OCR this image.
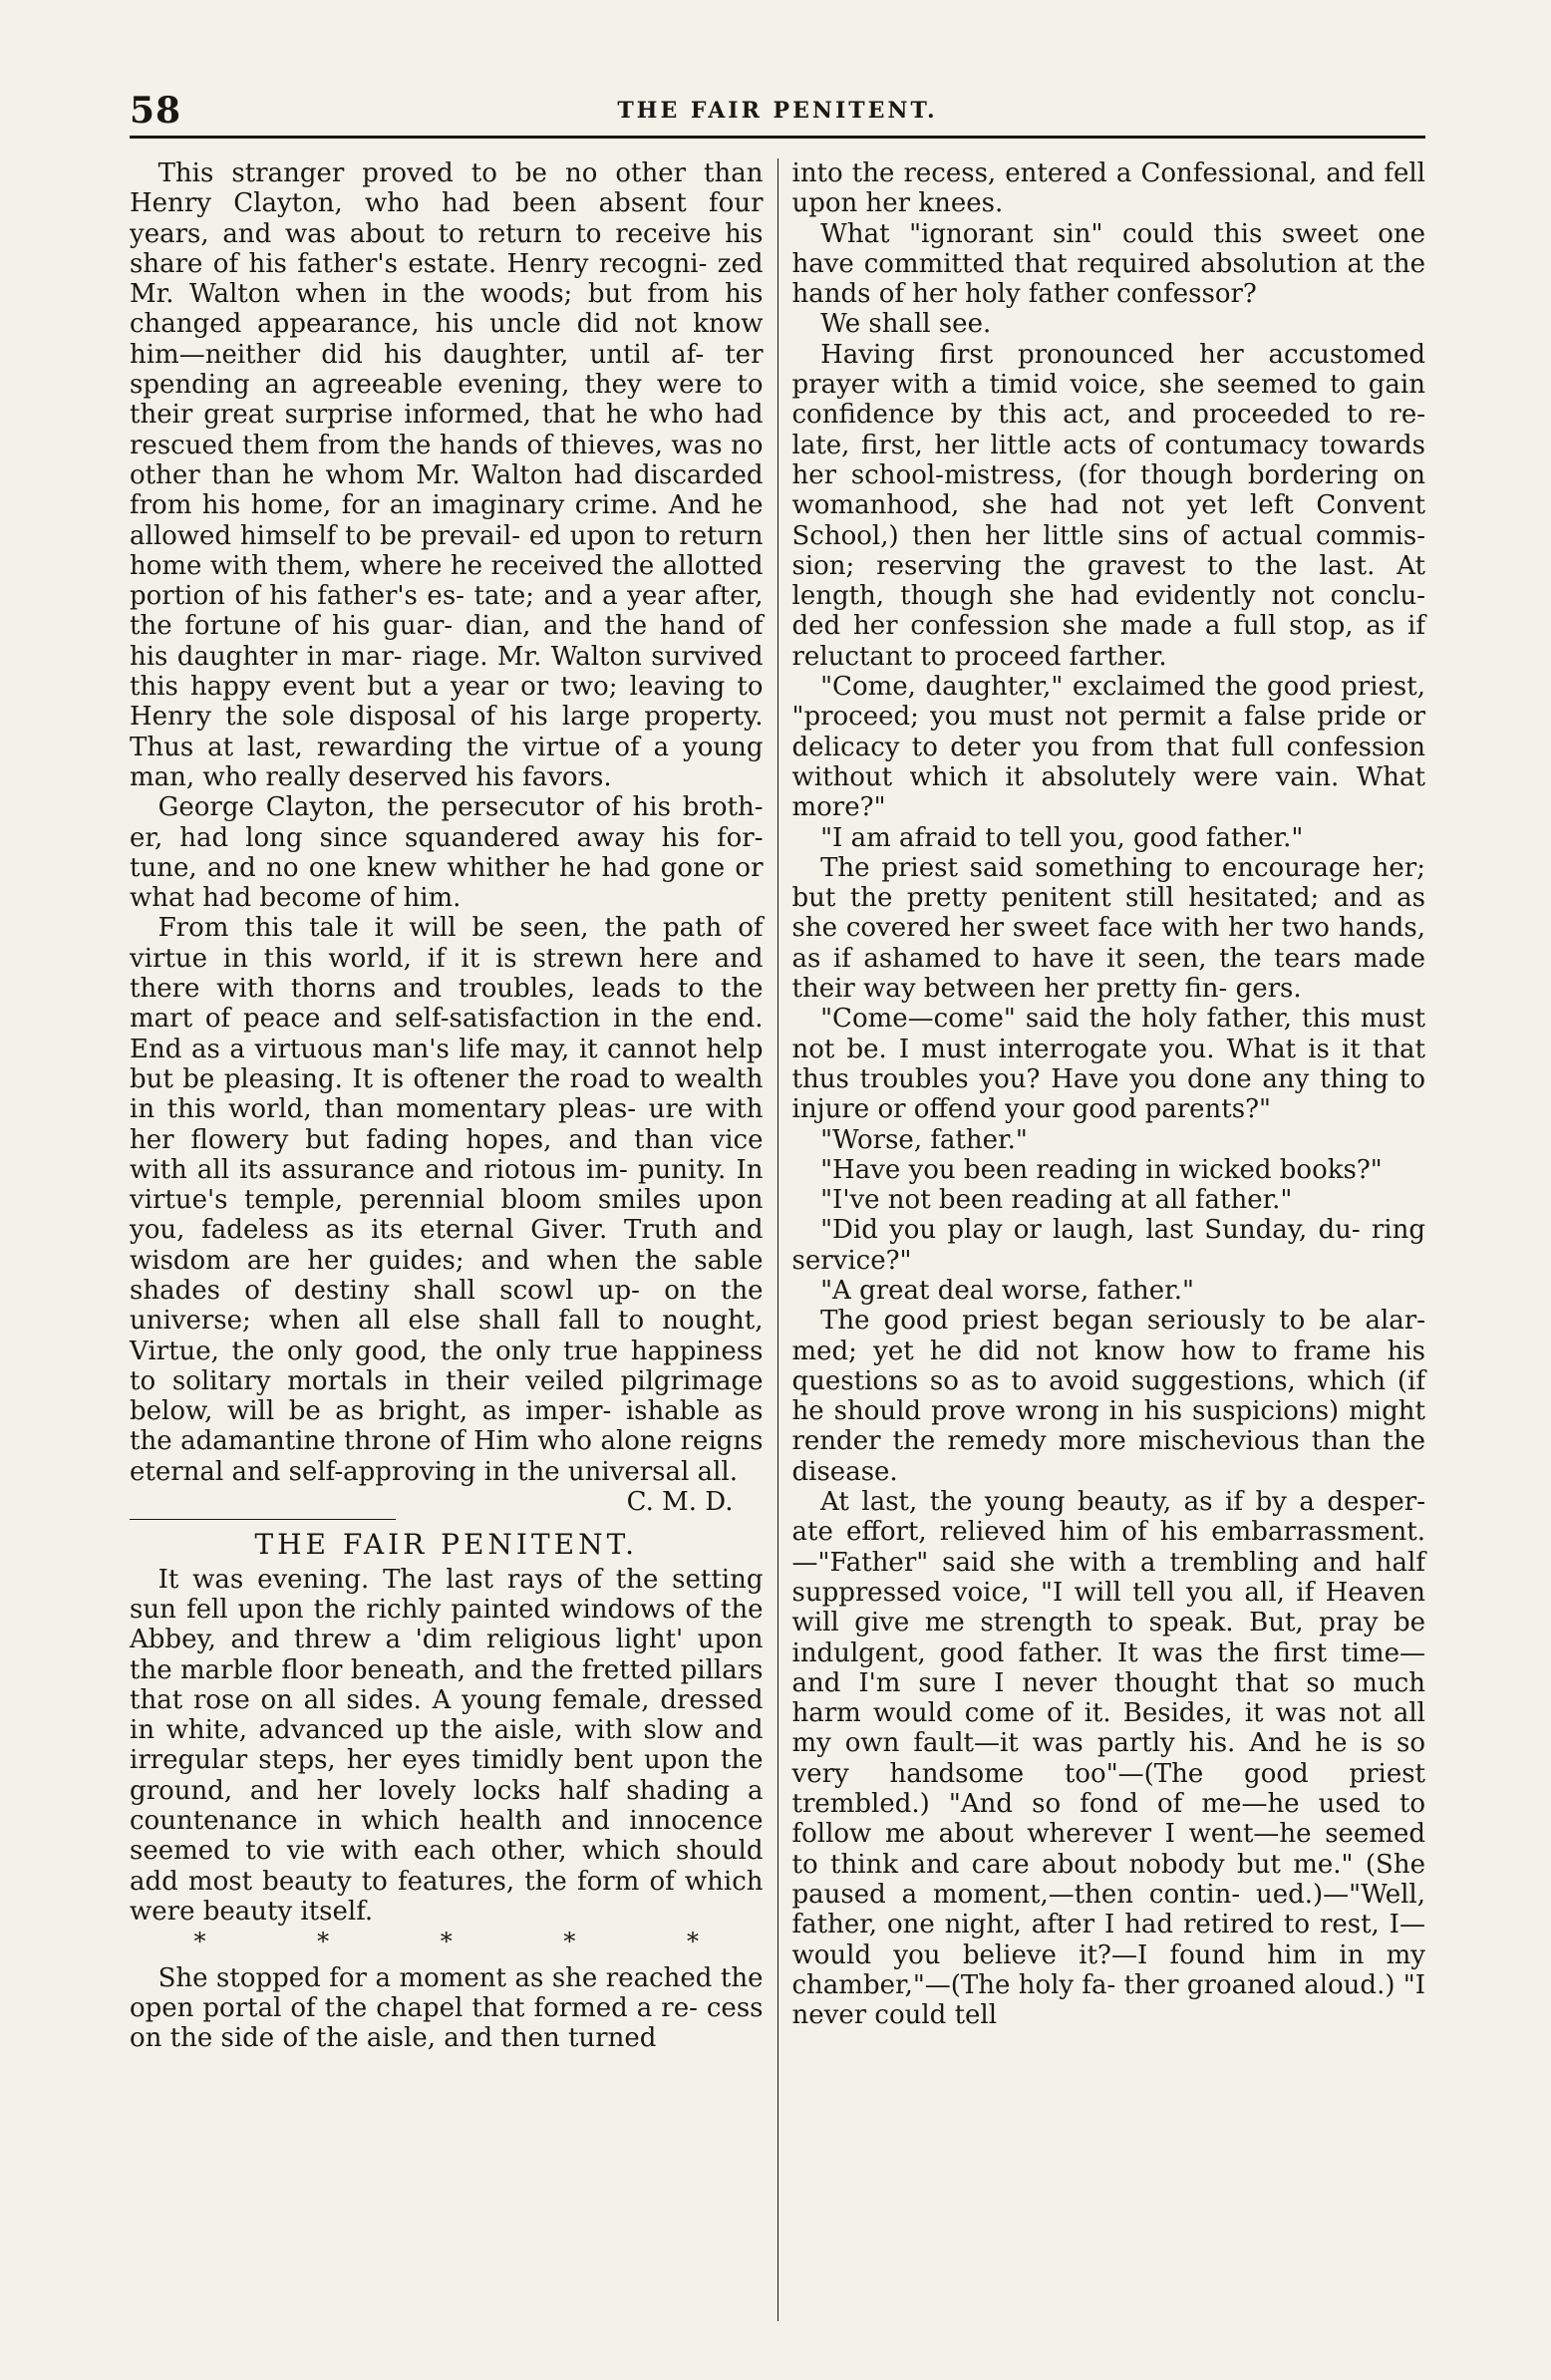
58	THE FAIR PENITENT.

This stranger proved to be no other than Henry Clayton, who had been absent four years, and was about to return to receive his share of his father's estate. Henry recogni- zed Mr. Walton when in the woods; but from his changed appearance, his uncle did not know him—neither did his daughter, until af- ter spending an agreeable evening, they were to their great surprise informed, that he who had rescued them from the hands of thieves, was no other than he whom Mr. Walton had discarded from his home, for an imaginary crime. And he allowed himself to be prevail- ed upon to return home with them, where he received the allotted portion of his father's es- tate; and a year after, the fortune of his guar- dian, and the hand of his daughter in mar- riage. Mr. Walton survived this happy event but a year or two; leaving to Henry the sole disposal of his large property. Thus at last, rewarding the virtue of a young man, who really deserved his favors.

George Clayton, the persecutor of his broth- er, had long since squandered away his for- tune, and no one knew whither he had gone or what had become of him.

From this tale it will be seen, the path of virtue in this world, if it is strewn here and there with thorns and troubles, leads to the mart of peace and self-satisfaction in the end. End as a virtuous man's life may, it cannot help but be pleasing. It is oftener the road to wealth in this world, than momentary pleas- ure with her flowery but fading hopes, and than vice with all its assurance and riotous im- punity. In virtue's temple, perennial bloom smiles upon you, fadeless as its eternal Giver. Truth and wisdom are her guides; and when the sable shades of destiny shall scowl up- on the universe; when all else shall fall to nought, Virtue, the only good, the only true happiness to solitary mortals in their veiled pilgrimage below, will be as bright, as imper- ishable as the adamantine throne of Him who alone reigns eternal and self-approving in the universal all.

C. M. D.
THE FAIR PENITENT.

It was evening. The last rays of the setting sun fell upon the richly painted windows of the Abbey, and threw a 'dim religious light' upon the marble floor beneath, and the fretted pillars that rose on all sides. A young female, dressed in white, advanced up the aisle, with slow and irregular steps, her eyes timidly bent upon the ground, and her lovely locks half shading a countenance in which health and innocence seemed to vie with each other, which should add most beauty to features, the form of which were beauty itself.

* * * * *

She stopped for a moment as she reached the open portal of the chapel that formed a re- cess on the side of the aisle, and then turned

into the recess, entered a Confessional, and fell upon her knees.

What "ignorant sin" could this sweet one have committed that required absolution at the hands of her holy father confessor?

We shall see.

Having first pronounced her accustomed prayer with a timid voice, she seemed to gain confidence by this act, and proceeded to re- late, first, her little acts of contumacy towards her school-mistress, (for though bordering on womanhood, she had not yet left Convent School,) then her little sins of actual commis- sion; reserving the gravest to the last. At length, though she had evidently not conclu- ded her confession she made a full stop, as if reluctant to proceed farther.

"Come, daughter," exclaimed the good priest, "proceed; you must not permit a false pride or delicacy to deter you from that full confession without which it absolutely were vain. What more?"

"I am afraid to tell you, good father."

The priest said something to encourage her; but the pretty penitent still hesitated; and as she covered her sweet face with her two hands, as if ashamed to have it seen, the tears made their way between her pretty fin- gers.

"Come—come" said the holy father, this must not be. I must interrogate you. What is it that thus troubles you? Have you done any thing to injure or offend your good parents?"

"Worse, father."

"Have you been reading in wicked books?"

"I've not been reading at all father."

"Did you play or laugh, last Sunday, du- ring service?"

"A great deal worse, father."

The good priest began seriously to be alar- med; yet he did not know how to frame his questions so as to avoid suggestions, which (if he should prove wrong in his suspicions) might render the remedy more mischevious than the disease.

At last, the young beauty, as if by a desper- ate effort, relieved him of his embarrassment. —"Father" said she with a trembling and half suppressed voice, "I will tell you all, if Heaven will give me strength to speak. But, pray be indulgent, good father. It was the first time—and I'm sure I never thought that so much harm would come of it. Besides, it was not all my own fault—it was partly his. And he is so very handsome too"—(The good priest trembled.) "And so fond of me—he used to follow me about wherever I went—he seemed to think and care about nobody but me." (She paused a moment,—then contin- ued.)—"Well, father, one night, after I had retired to rest, I—would you believe it?—I found him in my chamber,"—(The holy fa- ther groaned aloud.) "I never could tell
